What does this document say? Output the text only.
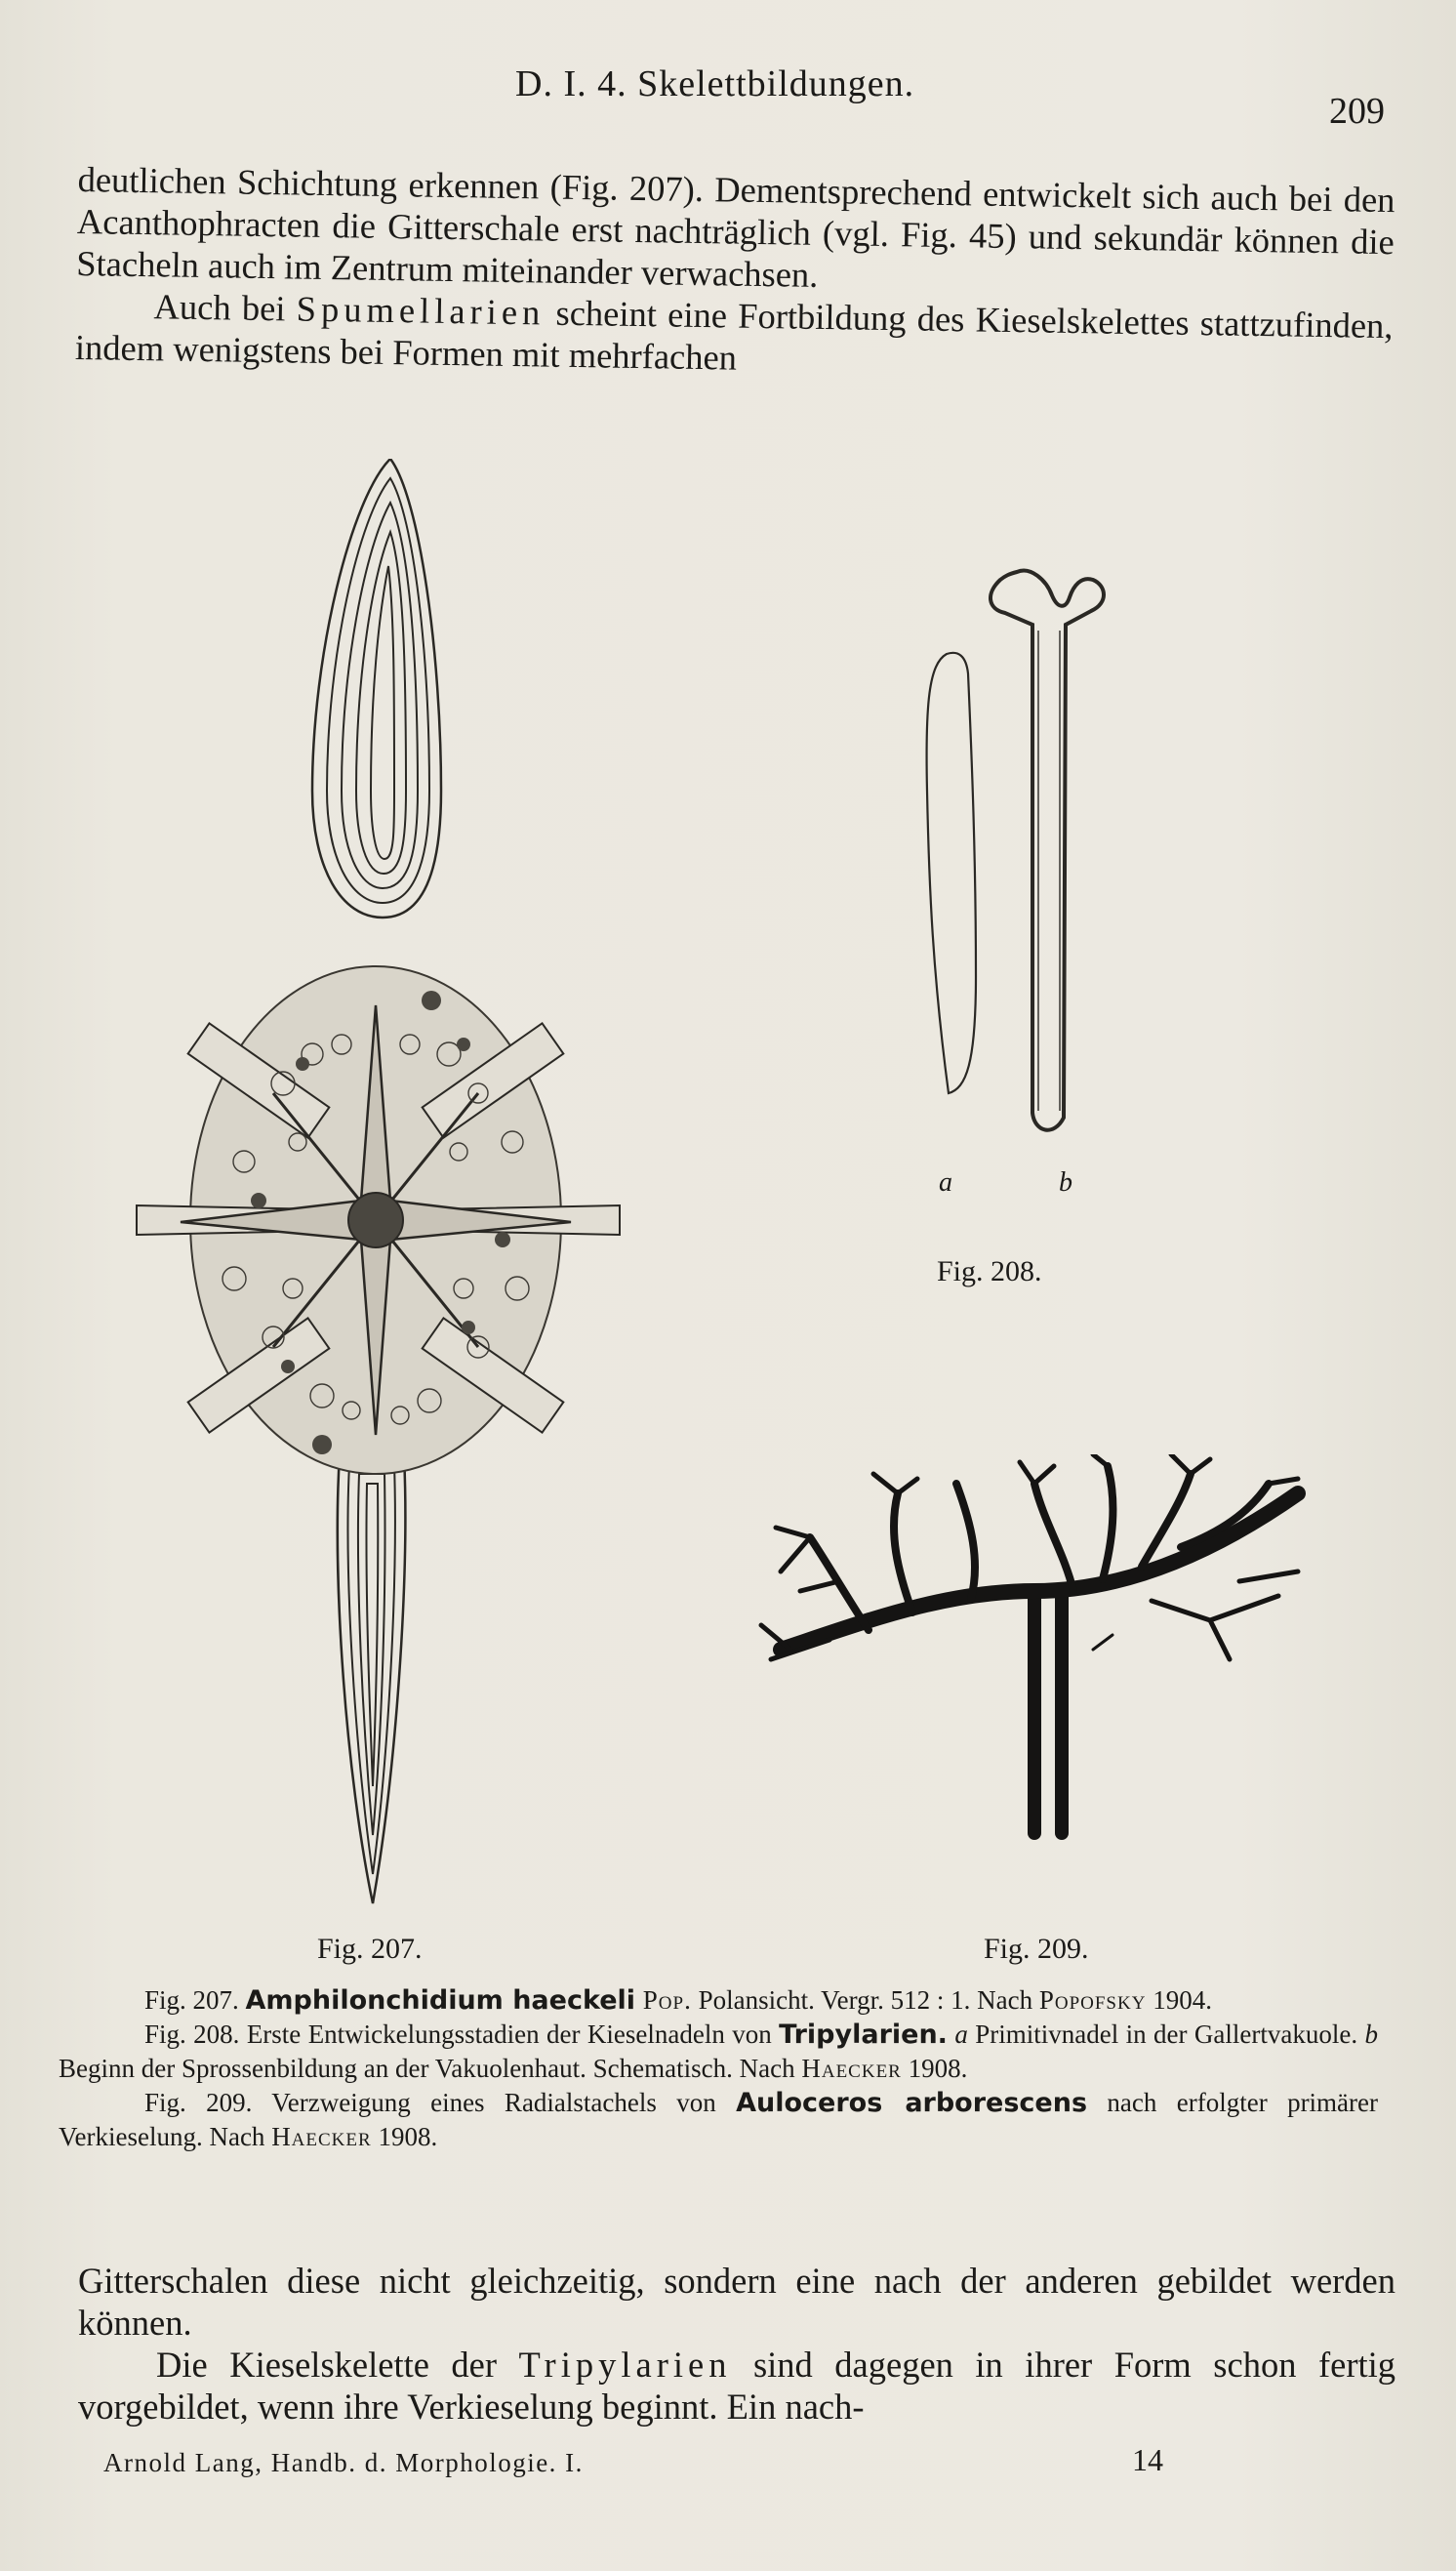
D. I. 4. Skelettbildungen.
209

deutlichen Schichtung erkennen (Fig. 207). Dementsprechend entwickelt sich auch bei den Acanthophracten die Gitterschale erst nachträglich (vgl. Fig. 45) und sekundär können die Stacheln auch im Zentrum miteinander verwachsen.

Auch bei Spumellarien scheint eine Fortbildung des Kieselskelettes stattzufinden, indem wenigstens bei Formen mit mehrfachen

Fig. 207.
a	b
Fig. 208.
Fig. 209.

Fig. 207. Amphilonchidium haeckeli Pop. Polansicht. Vergr. 512 : 1. Nach Popofsky 1904.

Fig. 208. Erste Entwickelungsstadien der Kieselnadeln von Tripylarien. a Primitivnadel in der Gallertvakuole. b Beginn der Sprossenbildung an der Vakuolenhaut. Schematisch. Nach Haecker 1908.

Fig. 209. Verzweigung eines Radialstachels von Auloceros arborescens nach erfolgter primärer Verkieselung. Nach Haecker 1908.

Gitterschalen diese nicht gleichzeitig, sondern eine nach der anderen gebildet werden können.

Die Kieselskelette der Tripylarien sind dagegen in ihrer Form schon fertig vorgebildet, wenn ihre Verkieselung beginnt. Ein nach-

Arnold Lang, Handb. d. Morphologie. I.	14
